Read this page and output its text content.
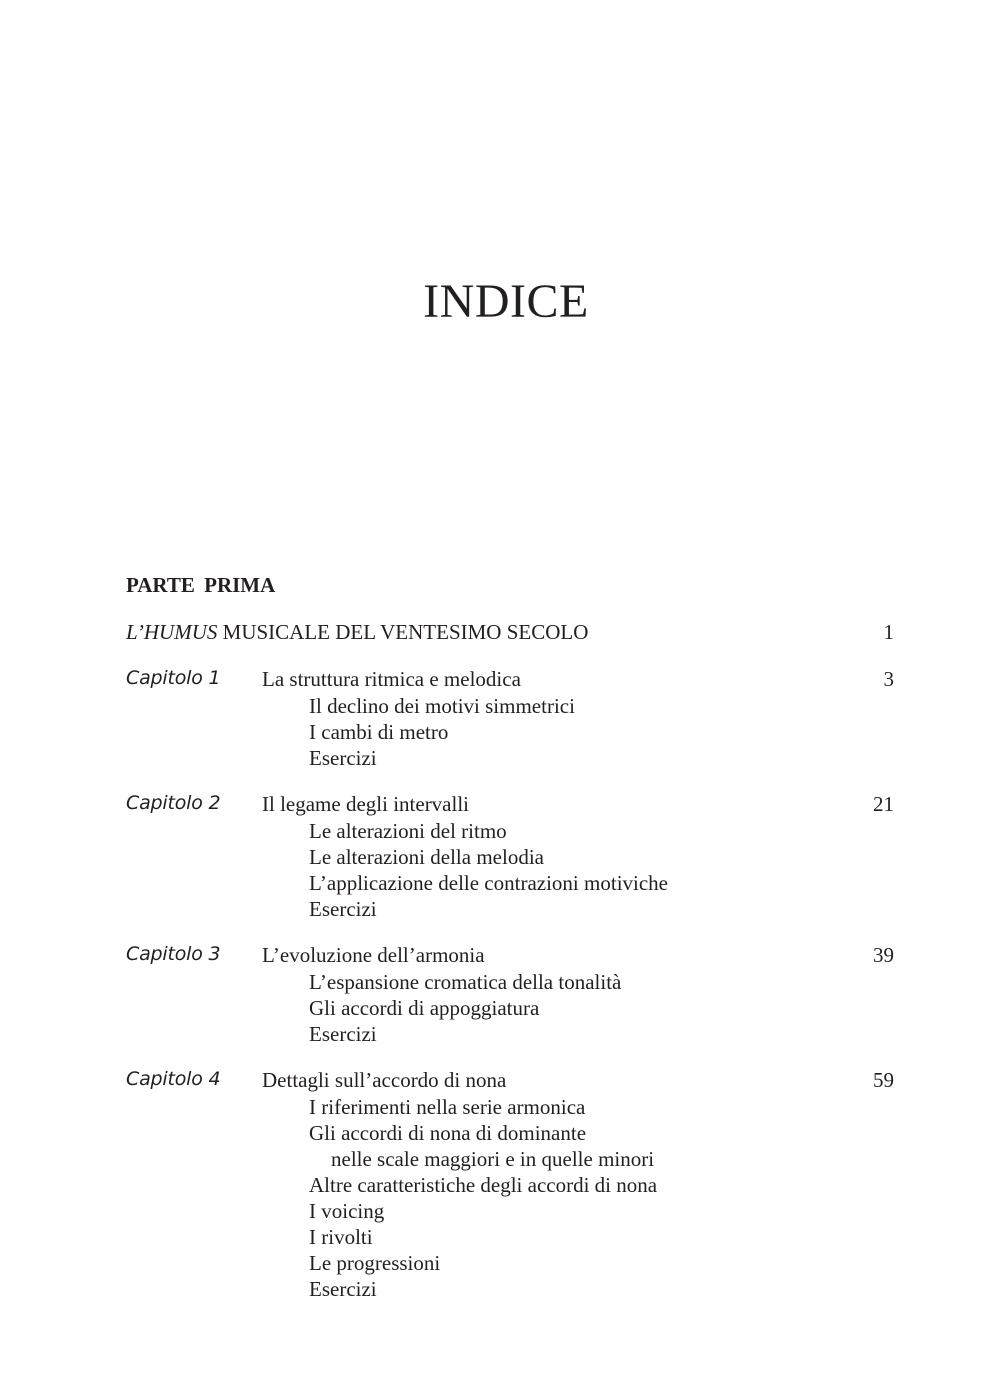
INDICE
PARTE PRIMA
L’HUMUS MUSICALE DEL VENTESIMO SECOLO	1
Capitolo 1 La struttura ritmica e melodica	3
Il declino dei motivi simmetrici
I cambi di metro
Esercizi
Capitolo 2 Il legame degli intervalli	21
Le alterazioni del ritmo
Le alterazioni della melodia
L’applicazione delle contrazioni motiviche
Esercizi
Capitolo 3 L’evoluzione dell’armonia	39
L’espansione cromatica della tonalità
Gli accordi di appoggiatura
Esercizi
Capitolo 4 Dettagli sull’accordo di nona	59
I riferimenti nella serie armonica
Gli accordi di nona di dominante
nelle scale maggiori e in quelle minori
Altre caratteristiche degli accordi di nona
I voicing
I rivolti
Le progressioni
Esercizi
